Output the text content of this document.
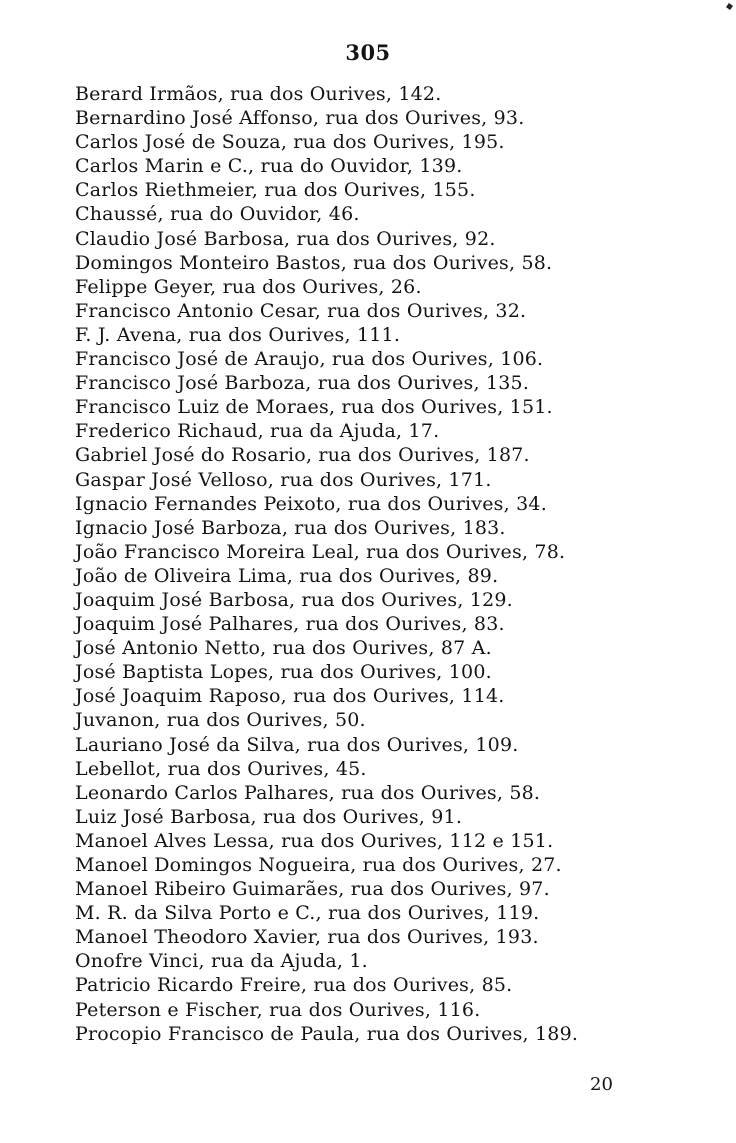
305
Berard Irmãos, rua dos Ourives, 142.
Bernardino José Affonso, rua dos Ourives, 93.
Carlos José de Souza, rua dos Ourives, 195.
Carlos Marin e C., rua do Ouvidor, 139.
Carlos Riethmeier, rua dos Ourives, 155.
Chaussé, rua do Ouvidor, 46.
Claudio José Barbosa, rua dos Ourives, 92.
Domingos Monteiro Bastos, rua dos Ourives, 58.
Felippe Geyer, rua dos Ourives, 26.
Francisco Antonio Cesar, rua dos Ourives, 32.
F. J. Avena, rua dos Ourives, 111.
Francisco José de Araujo, rua dos Ourives, 106.
Francisco José Barboza, rua dos Ourives, 135.
Francisco Luiz de Moraes, rua dos Ourives, 151.
Frederico Richaud, rua da Ajuda, 17.
Gabriel José do Rosario, rua dos Ourives, 187.
Gaspar José Velloso, rua dos Ourives, 171.
Ignacio Fernandes Peixoto, rua dos Ourives, 34.
Ignacio José Barboza, rua dos Ourives, 183.
João Francisco Moreira Leal, rua dos Ourives, 78.
João de Oliveira Lima, rua dos Ourives, 89.
Joaquim José Barbosa, rua dos Ourives, 129.
Joaquim José Palhares, rua dos Ourives, 83.
José Antonio Netto, rua dos Ourives, 87 A.
José Baptista Lopes, rua dos Ourives, 100.
José Joaquim Raposo, rua dos Ourives, 114.
Juvanon, rua dos Ourives, 50.
Lauriano José da Silva, rua dos Ourives, 109.
Lebellot, rua dos Ourives, 45.
Leonardo Carlos Palhares, rua dos Ourives, 58.
Luiz José Barbosa, rua dos Ourives, 91.
Manoel Alves Lessa, rua dos Ourives, 112 e 151.
Manoel Domingos Nogueira, rua dos Ourives, 27.
Manoel Ribeiro Guimarães, rua dos Ourives, 97.
M. R. da Silva Porto e C., rua dos Ourives, 119.
Manoel Theodoro Xavier, rua dos Ourives, 193.
Onofre Vinci, rua da Ajuda, 1.
Patricio Ricardo Freire, rua dos Ourives, 85.
Peterson e Fischer, rua dos Ourives, 116.
Procopio Francisco de Paula, rua dos Ourives, 189.
20
